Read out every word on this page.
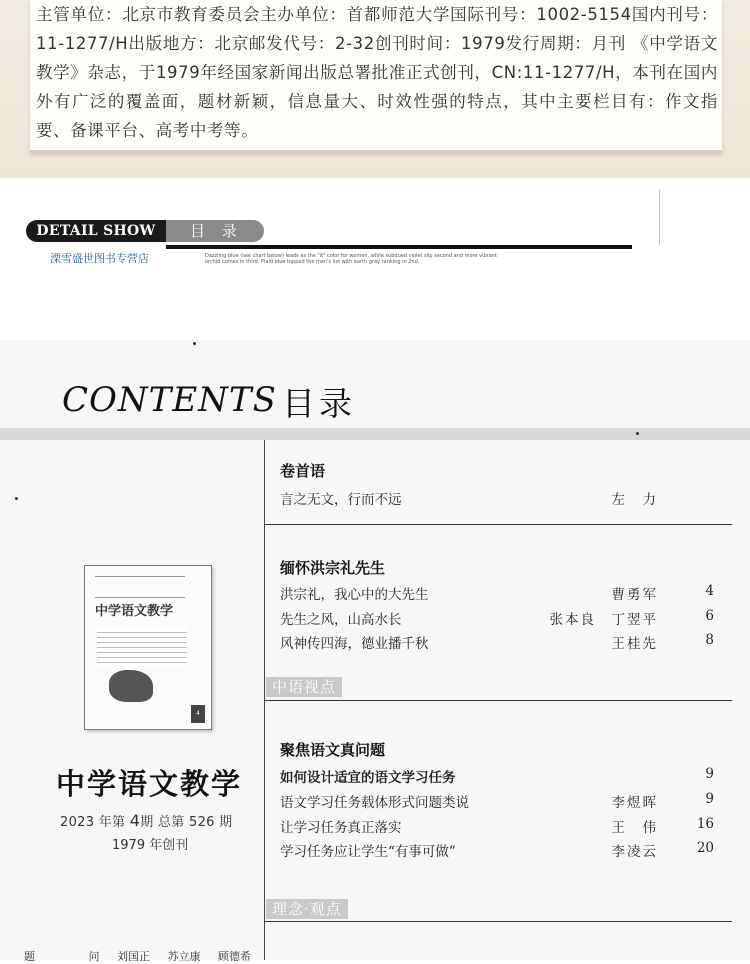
主管单位：北京市教育委员会主办单位：首都师范大学国际刊号：1002-5154国内刊号：11-1277/H出版地方：北京邮发代号：2-32创刊时间：1979发行周期：月刊 《中学语文教学》杂志，于1979年经国家新闻出版总署批准正式创刊，CN:11-1277/H，本刊在国内外有广泛的覆盖面，题材新颖，信息量大、时效性强的特点，其中主要栏目有：作文指要、备课平台、高考中考等。
DETAIL SHOW	目 录
溧雪盛世图书专营店	Dazzling blue (see chart below) leads as the "it" color for women, while subdued violet slip second and more vibrant orchid comes in third. Plaid blue topped the men's list with earth gray ranking in 2nd.
CONTENTS 目录
中学语文教学
4
中学语文教学
2023 年第 4期 总第 526 期
1979 年创刊
题	问 刘国正 苏立康 顾德希
卷首语
言之无文，行而不远	左　力
缅怀洪宗礼先生
洪宗礼，我心中的大先生	曹勇军	4
先生之风，山高水长	张本良　丁翌平	6
风神传四海，德业播千秋	王桂先	8
中语视点
聚焦语文真问题
如何设计适宜的语文学习任务	9
语文学习任务载体形式问题类说	李煜晖	9
让学习任务真正落实	王　伟	16
学习任务应让学生“有事可做”	李凌云	20
理念·观点
